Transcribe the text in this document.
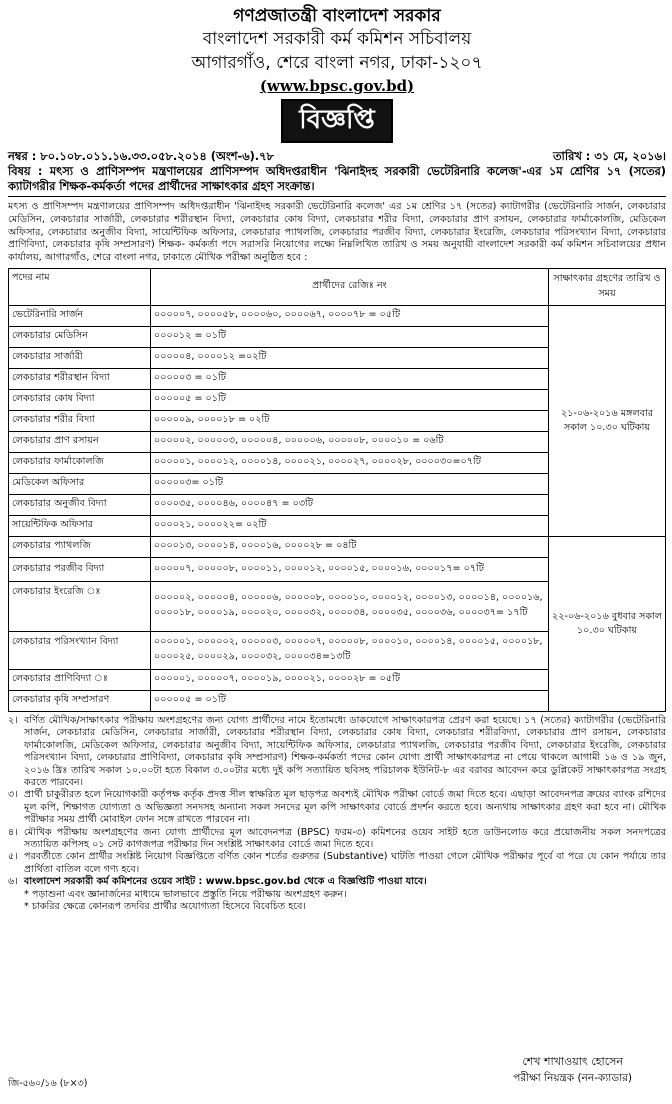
গণপ্রজাতন্ত্রী বাংলাদেশ সরকার
বাংলাদেশ সরকারী কর্ম কমিশন সচিবালয়
আগারগাঁও, শেরে বাংলা নগর, ঢাকা-১২০৭
(www.bpsc.gov.bd)
বিজ্ঞপ্তি
নম্বর : ৮০.১০৮.০১১.১৬.৩৩.০৫৮.২০১৪ (অংশ-৬).৭৮	তারিখ : ৩১ মে, ২০১৬।
বিষয় : মৎস্য ও প্রাণিসম্পদ মন্ত্রণালয়ের প্রাণিসম্পদ অধিদপ্তরাধীন 'ঝিনাইদহ সরকারী ভেটেরিনারি কলেজ'-এর ১ম শ্রেণির ১৭ (সতের) ক্যাটাগরীর শিক্ষক-কর্মকর্তা পদের প্রার্থীদের সাক্ষাৎকার গ্রহণ সংক্রান্ত।
মৎস্য ও প্রাণিসম্পদ মন্ত্রণালয়ের প্রাণিসম্পদ অধিদপ্তরাধীন 'ঝিনাইদহ সরকারী ভেটেরিনারি কলেজ' এর ১ম শ্রেণির ১৭ (সতের) ক্যাটাগরীর (ভেটেরিনারি সার্জন, লেকচারার মেডিসিন, লেকচারার সার্জারী, লেকচারার শরীরস্থান বিদ্যা, লেকচারার কোষ বিদ্যা, লেকচারার শরীর বিদ্যা, লেকচারার প্রাণ রসায়ন, লেকচারার ফার্মাকোলজি, মেডিকেল অফিসার, লেকচারার অনুজীব বিদ্যা, সায়েন্টিফিক অফিসার, লেকচারার প্যাথলজি, লেকচারার পরজীব বিদ্যা, লেকচারার ইংরেজি, লেকচারার পরিসংখ্যান বিদ্যা, লেকচারার প্রাণিবিদ্যা, লেকচারার কৃষি সম্প্রসারণ) শিক্ষক- কর্মকর্তা পদে সরাসরি নিয়োগের লক্ষ্যে নিম্নলিখিত তারিখ ও সময় অনুযায়ী বাংলাদেশ সরকারী কর্ম কমিশন সচিবালয়ের প্রধান কার্যালয়, আগারগাঁও, শেরে বাংলা নগর, ঢাকাতে মৌখিক পরীক্ষা অনুষ্ঠিত হবে :
পদের নাম	প্রার্থীদের রেজিঃ নং	সাক্ষাৎকার গ্রহণের তারিখ ও সময়
ভেটেরিনারি সার্জন	০০০০০৭, ০০০০৫৮, ০০০০৬০, ০০০০৬৭, ০০০০৭৮ = ০৫টি	২১-০৬-২০১৬ মঙ্গলবার সকাল ১০.৩০ ঘটিকায়
লেকচারার মেডিসিন	০০০০১২ = ০১টি	
লেকচারার সার্জারী	০০০০০৪, ০০০০১২ =০২টি	
লেকচারার শরীরস্থান বিদ্যা	০০০০০৩ = ০১টি	
লেকচারার কোষ বিদ্যা	০০০০০৫ = ০১টি	
লেকচারার শরীর বিদ্যা	০০০০০৯, ০০০০১৮ = ০২টি	
লেকচারার প্রাণ রসায়ন	০০০০০২, ০০০০০৩, ০০০০০৪, ০০০০০৬, ০০০০০৮, ০০০০১০ = ০৬টি	
লেকচারার ফার্মাকোলজি	০০০০০১, ০০০০১২, ০০০০১৪, ০০০০২১, ০০০০২৭, ০০০০২৮, ০০০০৩০=০৭টি	
মেডিকেল অফিসার	০০০০০৩= ০১টি	
লেকচারার অনুজীব বিদ্যা	০০০০৩৫, ০০০০৪৬, ০০০০৪৭ = ০৩টি	
সায়েন্টিফিক অফিসার	০০০০২১, ০০০০২২= ০২টি	
লেকচারার প্যাথলজি	০০০০১৩, ০০০০১৪, ০০০০১৬, ০০০০২৮ = ০৪টি	২২-০৬-২০১৬ বুধবার সকাল ১০.৩০ ঘটিকায়
লেকচারার পরজীব বিদ্যা	০০০০০৭, ০০০০০৮, ০০০০১১, ০০০০১২, ০০০০১৫, ০০০০১৬, ০০০০১৭= ০৭টি	
লেকচারার ইংরেজি ঃ	০০০০০২, ০০০০০৪, ০০০০০৬, ০০০০০৮, ০০০০১০, ০০০০১২, ০০০০১৩, ০০০০১৪, ০০০০১৬, ০০০০১৮, ০০০০১৯, ০০০০২০, ০০০০৩২, ০০০০৩৪, ০০০০৩৫, ০০০০৩৬, ০০০০৩৭= ১৭টি	
লেকচারার পরিসংখ্যান বিদ্যা	০০০০০১, ০০০০০২, ০০০০০৩, ০০০০০৭, ০০০০০৮, ০০০০১০, ০০০০১৪, ০০০০১৫, ০০০০১৮, ০০০০২৫, ০০০০২৯, ০০০০৩২, ০০০০৩৪=১৩টি	
লেকচারার প্রাণিবিদ্যা ঃ	০০০০০১, ০০০০০৭, ০০০০১৯, ০০০০২১, ০০০০২৮ = ০৫টি	
লেকচারার কৃষি সম্প্রসারণ	০০০০০৫ = ০১টি	
২। বর্ণিত মৌখিক/সাক্ষাৎকার পরীক্ষায় অংশগ্রহণের জন্য যোগ্য প্রার্থীদের নামে ইতোমধ্যে ডাকযোগে সাক্ষাৎকারপত্র প্রেরণ করা হয়েছে। ১৭ (সতের) ক্যাটাগরীর (ভেটেরিনারি সার্জন, লেকচারার মেডিসিন, লেকচারার সার্জারী, লেকচারার শরীরস্থান বিদ্যা, লেকচারার কোষ বিদ্যা, লেকচারার শরীরবিদ্যা, লেকচারার প্রাণ রসায়ন, লেকচারার ফার্মাকোলজি, মেডিকেল অফিসার, লেকচারার অনুজীব বিদ্যা, সায়েন্টিফিক অফিসার, লেকচারার প্যাথলজি, লেকচারার পরজীব বিদ্যা, লেকচারার ইংরেজি, লেকচারার পরিসংখ্যান বিদ্যা, লেকচারার প্রাণিবিদ্যা, লেকচারার কৃষি সম্প্রসারণ) শিক্ষক-কর্মকর্তা পদের কোন যোগ্য প্রার্থী সাক্ষাৎকারপত্র না পেয়ে থাকলে আগামী ১৬ ও ১৯ জুন, ২০১৬ খ্রিঃ তারিখ সকাল ১০.০০টা হতে বিকাল ৩.০০টার মধ্যে দুই কপি সত্যায়িত ছবিসহ পরিচালক ইউনিট-৮ এর বরাবর আবেদন করে ডুপ্লিকেট সাক্ষাৎকারপত্র সংগ্রহ করতে পারবেন।
৩। প্রার্থী চাকুরীরত হলে নিয়োগকারী কর্তৃপক্ষ কর্তৃক প্রদত্ত সীল স্বাক্ষরিত মূল ছাড়পত্র অবশ্যই মৌখিক পরীক্ষা বোর্ডে জমা দিতে হবে। এছাড়া আবেদনপত্র ক্রয়ের ব্যাংক রশিদের মূল কপি, শিক্ষাগত যোগ্যতা ও অভিজ্ঞতা সনদসহ অন্যান্য সকল সনদের মূল কপি সাক্ষাৎকার বোর্ডে প্রদর্শন করতে হবে। অন্যথায় সাক্ষাৎকার গ্রহণ করা হবে না। মৌখিক পরীক্ষার সময় প্রার্থী মোবাইল ফোন সঙ্গে রাখতে পারবেন না।
৪। মৌখিক পরীক্ষায় অংশগ্রহণের জন্য যোগ্য প্রার্থীদের মূল আবেদনপত্র (BPSC) ফরম-৩) কমিশনের ওয়েব সাইট হতে ডাউনলোড করে প্রয়োজনীয় সকল সনদপত্রের সত্যায়িত কপিসহ ০১ সেট কাগজপত্র পরীক্ষার দিন সংশ্লিষ্ট সাক্ষাৎকার বোর্ডে জমা দিতে হবে।
৫। পরবর্তীতে কোন প্রার্থীর সংশ্লিষ্ট নিয়োগ বিজ্ঞপ্তিতে বর্ণিত কোন শর্তের গুরুতর (Substantive) ঘাটতি পাওয়া গেলে মৌখিক পরীক্ষার পূর্বে বা পরে যে কোন পর্যায়ে তার প্রার্থিতা বাতিল বলে গণ্য হবে।
৬। বাংলাদেশ সরকারী কর্ম কমিশনের ওয়েব সাইট : www.bpsc.gov.bd থেকে এ বিজ্ঞপ্তিটি পাওয়া যাবে।
* পড়াশুনা এবং জ্ঞানার্জনের মাধ্যমে ভালভাবে প্রস্তুতি নিয়ে পরীক্ষায় অংশগ্রহণ করুন।
* চাকরির ক্ষেত্রে কোনরূপ তদবির প্রার্থীর অযোগ্যতা হিসেবে বিবেচিত হবে।
শেখ শাখাওয়াৎ হোসেন
পরীক্ষা নিয়ন্ত্রক (নন-ক্যাডার)
জি-৫৬০/১৬ (৮×৩)
